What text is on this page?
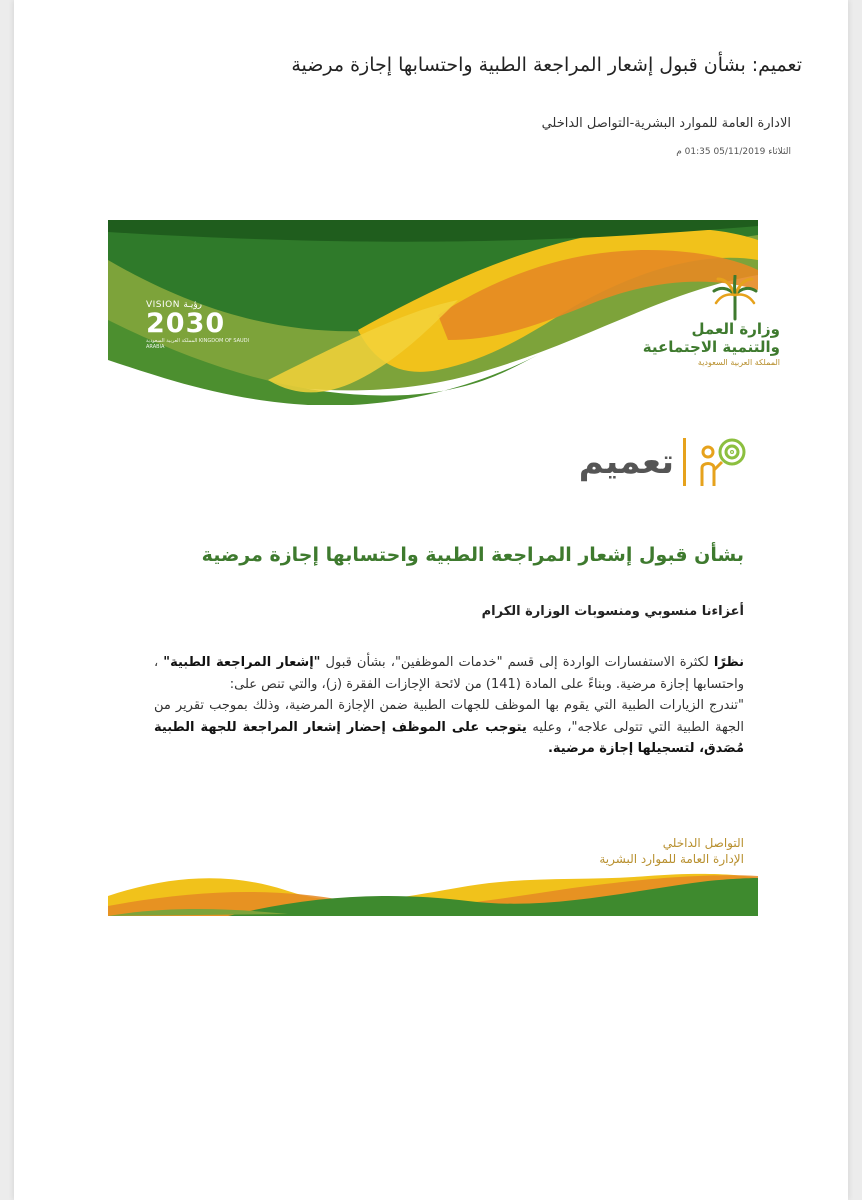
تعميم: بشأن قبول إشعار المراجعة الطبية واحتسابها إجازة مرضية
الادارة العامة للموارد البشرية-التواصل الداخلي
الثلاثاء 05/11/2019 01:35 م
VISION رؤيـة
2030
المملكة العربية السعودية KINGDOM OF SAUDI ARABIA
وزارة العمل
والتنمية الاجتماعية
المملكة العربية السعودية
تعميم
بشأن قبول إشعار المراجعة الطبية واحتسابها إجازة مرضية
أعزاءنا منسوبي ومنسوبات الوزارة الكرام
نظرًا لكثرة الاستفسارات الواردة إلى قسم "خدمات الموظفين"، بشأن قبول "إشعار المراجعة الطبية" ، واحتسابها إجازة مرضية. وبناءً على المادة (141) من لائحة الإجازات الفقرة (ز)، والتي تنص على:
"تندرج الزيارات الطبية التي يقوم بها الموظف للجهات الطبية ضمن الإجازة المرضية، وذلك بموجب تقرير من الجهة الطبية التي تتولى علاجه"، وعليه يتوجب على الموظف إحضار إشعار المراجعة للجهة الطبية مُصَدق، لتسجيلها إجازة مرضية.
التواصل الداخلي
الإدارة العامة للموارد البشرية
